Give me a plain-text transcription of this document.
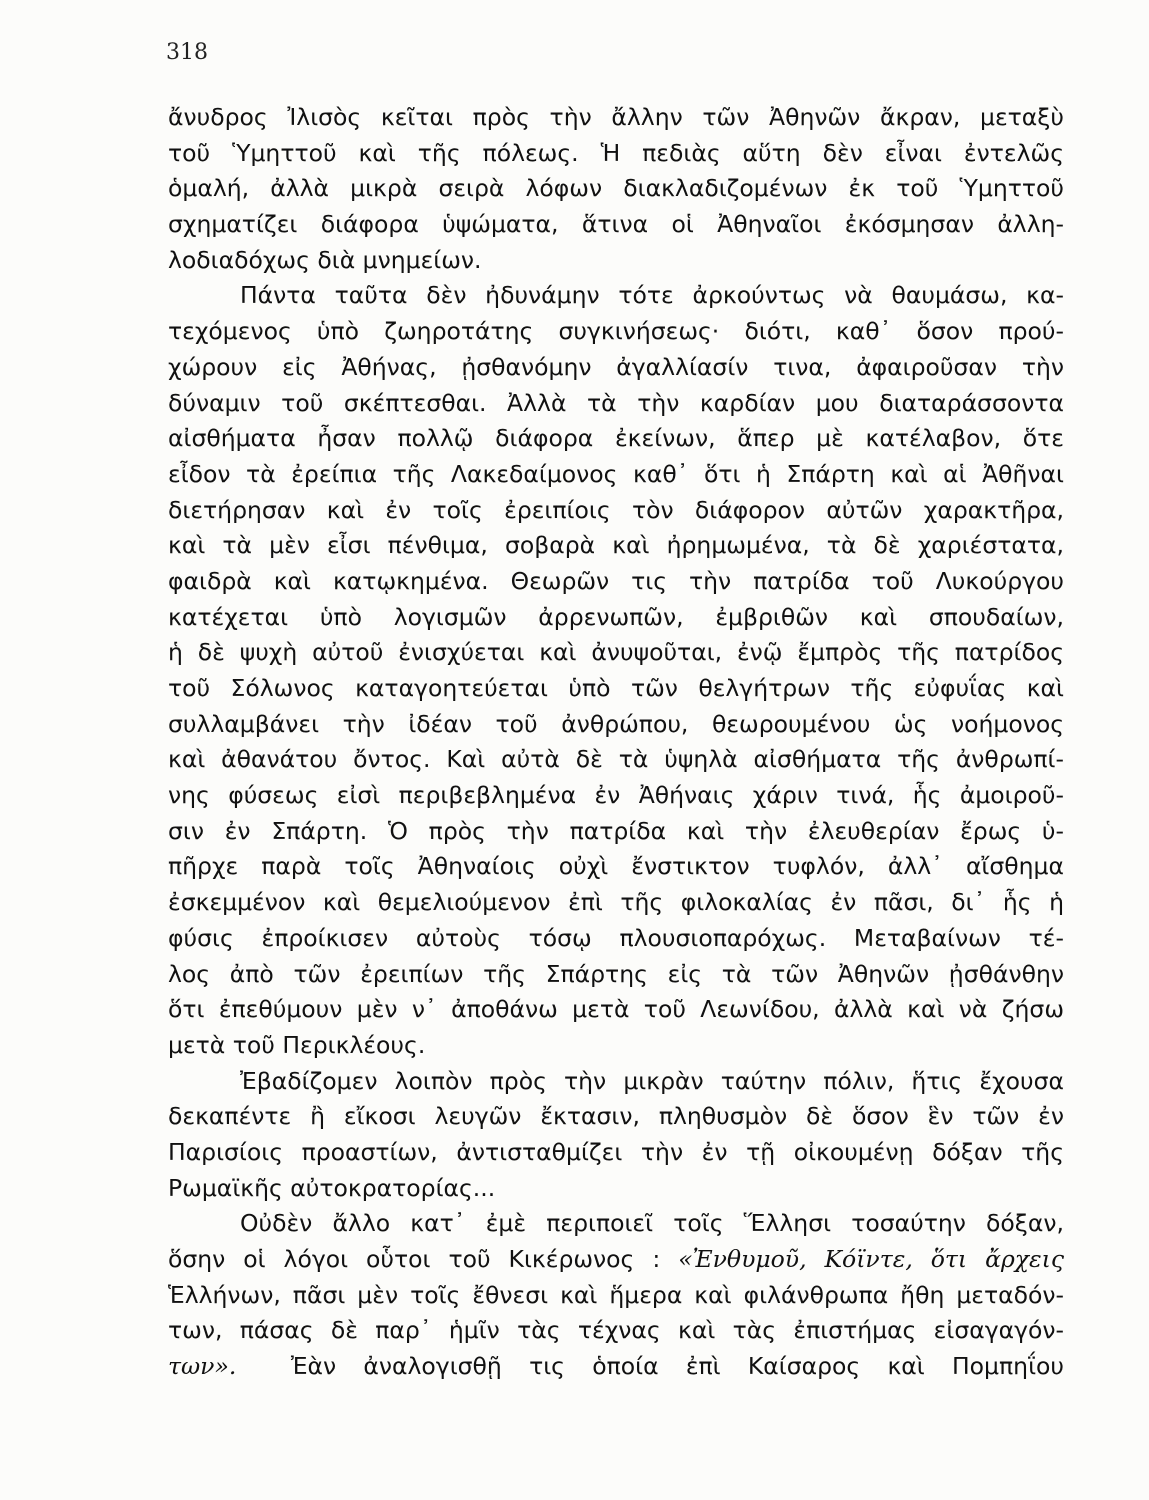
318
ἄνυδρος Ἰλισὸς κεῖται πρὸς τὴν ἄλλην τῶν Ἀθηνῶν ἄκραν, μεταξὺ
τοῦ Ὑμηττοῦ καὶ τῆς πόλεως. Ἡ πεδιὰς αὕτη δὲν εἶναι ἐντελῶς
ὁμαλή, ἀλλὰ μικρὰ σειρὰ λόφων διακλαδιζομένων ἐκ τοῦ Ὑμηττοῦ
σχηματίζει διάφορα ὑψώματα, ἅτινα οἱ Ἀθηναῖοι ἐκόσμησαν ἀλλη-
λοδιαδόχως διὰ μνημείων.
Πάντα ταῦτα δὲν ἠδυνάμην τότε ἀρκούντως νὰ θαυμάσω, κα-
τεχόμενος ὑπὸ ζωηροτάτης συγκινήσεως· διότι, καθ᾿ ὅσον πρού-
χώρουν εἰς Ἀθήνας, ᾐσθανόμην ἀγαλλίασίν τινα, ἀφαιροῦσαν τὴν
δύναμιν τοῦ σκέπτεσθαι. Ἀλλὰ τὰ τὴν καρδίαν μου διαταράσσοντα
αἰσθήματα ἦσαν πολλῷ διάφορα ἐκείνων, ἅπερ μὲ κατέλαβον, ὅτε
εἶδον τὰ ἐρείπια τῆς Λακεδαίμονος καθ᾿ ὅτι ἡ Σπάρτη καὶ αἱ Ἀθῆναι
διετήρησαν καὶ ἐν τοῖς ἐρειπίοις τὸν διάφορον αὐτῶν χαρακτῆρα,
καὶ τὰ μὲν εἶσι πένθιμα, σοβαρὰ καὶ ἠρημωμένα, τὰ δὲ χαριέστατα,
φαιδρὰ καὶ κατῳκημένα. Θεωρῶν τις τὴν πατρίδα τοῦ Λυκούργου
κατέχεται ὑπὸ λογισμῶν ἀρρενωπῶν, ἐμβριθῶν καὶ σπουδαίων,
ἡ δὲ ψυχὴ αὐτοῦ ἐνισχύεται καὶ ἀνυψοῦται, ἐνῷ ἔμπρὸς τῆς πατρίδος
τοῦ Σόλωνος καταγοητεύεται ὑπὸ τῶν θελγήτρων τῆς εὐφυΐας καὶ
συλλαμβάνει τὴν ἰδέαν τοῦ ἀνθρώπου, θεωρουμένου ὡς νοήμονος
καὶ ἀθανάτου ὄντος. Καὶ αὐτὰ δὲ τὰ ὑψηλὰ αἰσθήματα τῆς ἀνθρωπί-
νης φύσεως εἰσὶ περιβεβλημένα ἐν Ἀθήναις χάριν τινά, ἧς ἀμοιροῦ-
σιν ἐν Σπάρτη. Ὁ πρὸς τὴν πατρίδα καὶ τὴν ἐλευθερίαν ἔρως ὑ-
πῆρχε παρὰ τοῖς Ἀθηναίοις οὐχὶ ἔνστικτον τυφλόν, ἀλλ᾿ αἴσθημα
ἐσκεμμένον καὶ θεμελιούμενον ἐπὶ τῆς φιλοκαλίας ἐν πᾶσι, δι᾿ ἧς ἡ
φύσις ἐπροίκισεν αὐτοὺς τόσῳ πλουσιοπαρόχως. Μεταβαίνων τέ-
λος ἀπὸ τῶν ἐρειπίων τῆς Σπάρτης εἰς τὰ τῶν Ἀθηνῶν ᾐσθάνθην
ὅτι ἐπεθύμουν μὲν ν᾿ ἀποθάνω μετὰ τοῦ Λεωνίδου, ἀλλὰ καὶ νὰ ζήσω
μετὰ τοῦ Περικλέους.
Ἐβαδίζομεν λοιπὸν πρὸς τὴν μικρὰν ταύτην πόλιν, ἥτις ἔχουσα
δεκαπέντε ἢ εἴκοσι λευγῶν ἔκτασιν, πληθυσμὸν δὲ ὅσον ἓν τῶν ἐν
Παρισίοις προαστίων, ἀντισταθμίζει τὴν ἐν τῇ οἰκουμένῃ δόξαν τῆς
Ρωμαϊκῆς αὐτοκρατορίας...
Οὐδὲν ἄλλο κατ᾿ ἐμὲ περιποιεῖ τοῖς Ἕλλησι τοσαύτην δόξαν,
ὅσην οἱ λόγοι οὗτοι τοῦ Κικέρωνος : «Ἐνθυμοῦ, Κόϊντε, ὅτι ἄρχεις
Ἑλλήνων, πᾶσι μὲν τοῖς ἔθνεσι καὶ ἥμερα καὶ φιλάνθρωπα ἤθη μεταδόν-
των, πάσας δὲ παρ᾿ ἡμῖν τὰς τέχνας καὶ τὰς ἐπιστήμας εἰσαγαγόν-
των». Ἐὰν ἀναλογισθῇ τις ὁποία ἐπὶ Καίσαρος καὶ Πομπηΐου
